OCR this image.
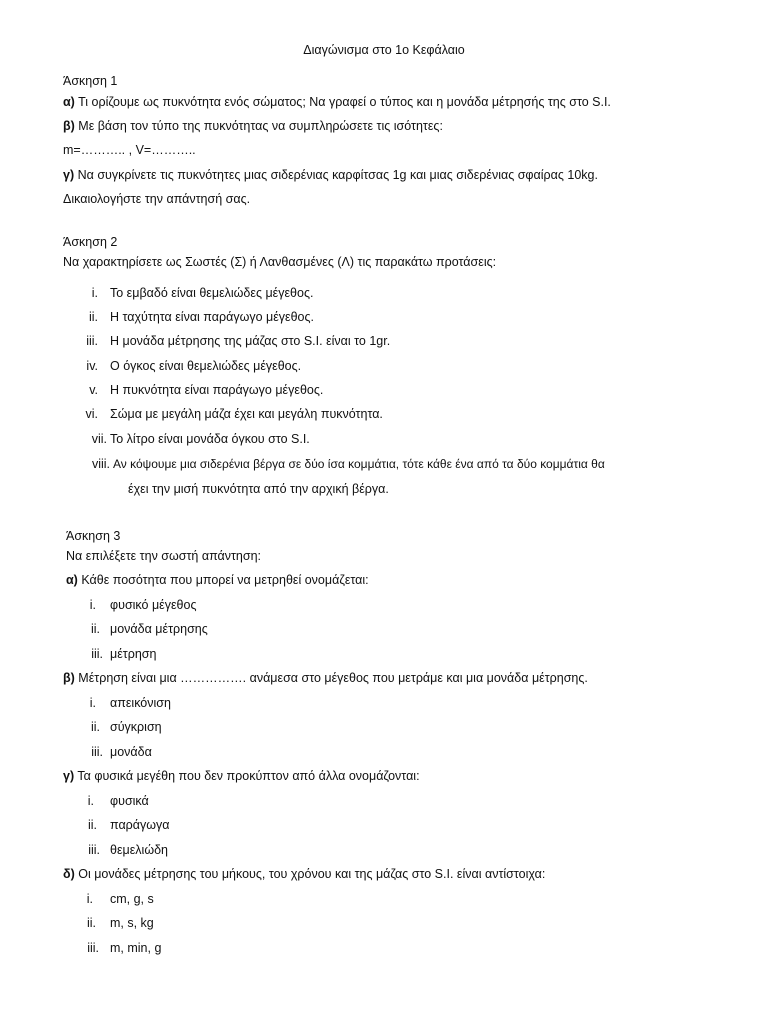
Διαγώνισμα στο 1ο Κεφάλαιο
Άσκηση 1
α) Τι ορίζουμε ως πυκνότητα ενός σώματος; Να γραφεί ο τύπος και η μονάδα μέτρησής της στο S.I.
β) Με βάση τον τύπο της πυκνότητας να συμπληρώσετε τις ισότητες:
m=……….. , V=………..
γ) Να συγκρίνετε τις πυκνότητες μιας σιδερένιας καρφίτσας 1g και μιας σιδερένιας σφαίρας 10kg.
Δικαιολογήστε την απάντησή σας.
Άσκηση 2
Να χαρακτηρίσετε ως Σωστές (Σ) ή Λανθασμένες (Λ) τις παρακάτω προτάσεις:
i. Το εμβαδό είναι θεμελιώδες μέγεθος.
ii. Η ταχύτητα είναι παράγωγο μέγεθος.
iii. Η μονάδα μέτρησης της μάζας στο S.I. είναι το 1gr.
iv. Ο όγκος είναι θεμελιώδες μέγεθος.
v. Η πυκνότητα είναι παράγωγο μέγεθος.
vi. Σώμα με μεγάλη μάζα έχει και μεγάλη πυκνότητα.
vii. Το λίτρο είναι μονάδα όγκου στο S.I.
viii. Αν κόψουμε μια σιδερένια βέργα σε δύο ίσα κομμάτια, τότε κάθε ένα από τα δύο κομμάτια θα
έχει την μισή πυκνότητα από την αρχική βέργα.
Άσκηση 3
Να επιλέξετε την σωστή απάντηση:
α) Κάθε ποσότητα που μπορεί να μετρηθεί ονομάζεται:
i. φυσικό μέγεθος
ii. μονάδα μέτρησης
iii. μέτρηση
β) Μέτρηση είναι μια ……………. ανάμεσα στο μέγεθος που μετράμε και μια μονάδα μέτρησης.
i. απεικόνιση
ii. σύγκριση
iii. μονάδα
γ) Τα φυσικά μεγέθη που δεν προκύπτον από άλλα ονομάζονται:
i. φυσικά
ii. παράγωγα
iii. θεμελιώδη
δ) Οι μονάδες μέτρησης του μήκους, του χρόνου και της μάζας στο S.I. είναι αντίστοιχα:
i. cm, g, s
ii. m, s, kg
iii. m, min, g
